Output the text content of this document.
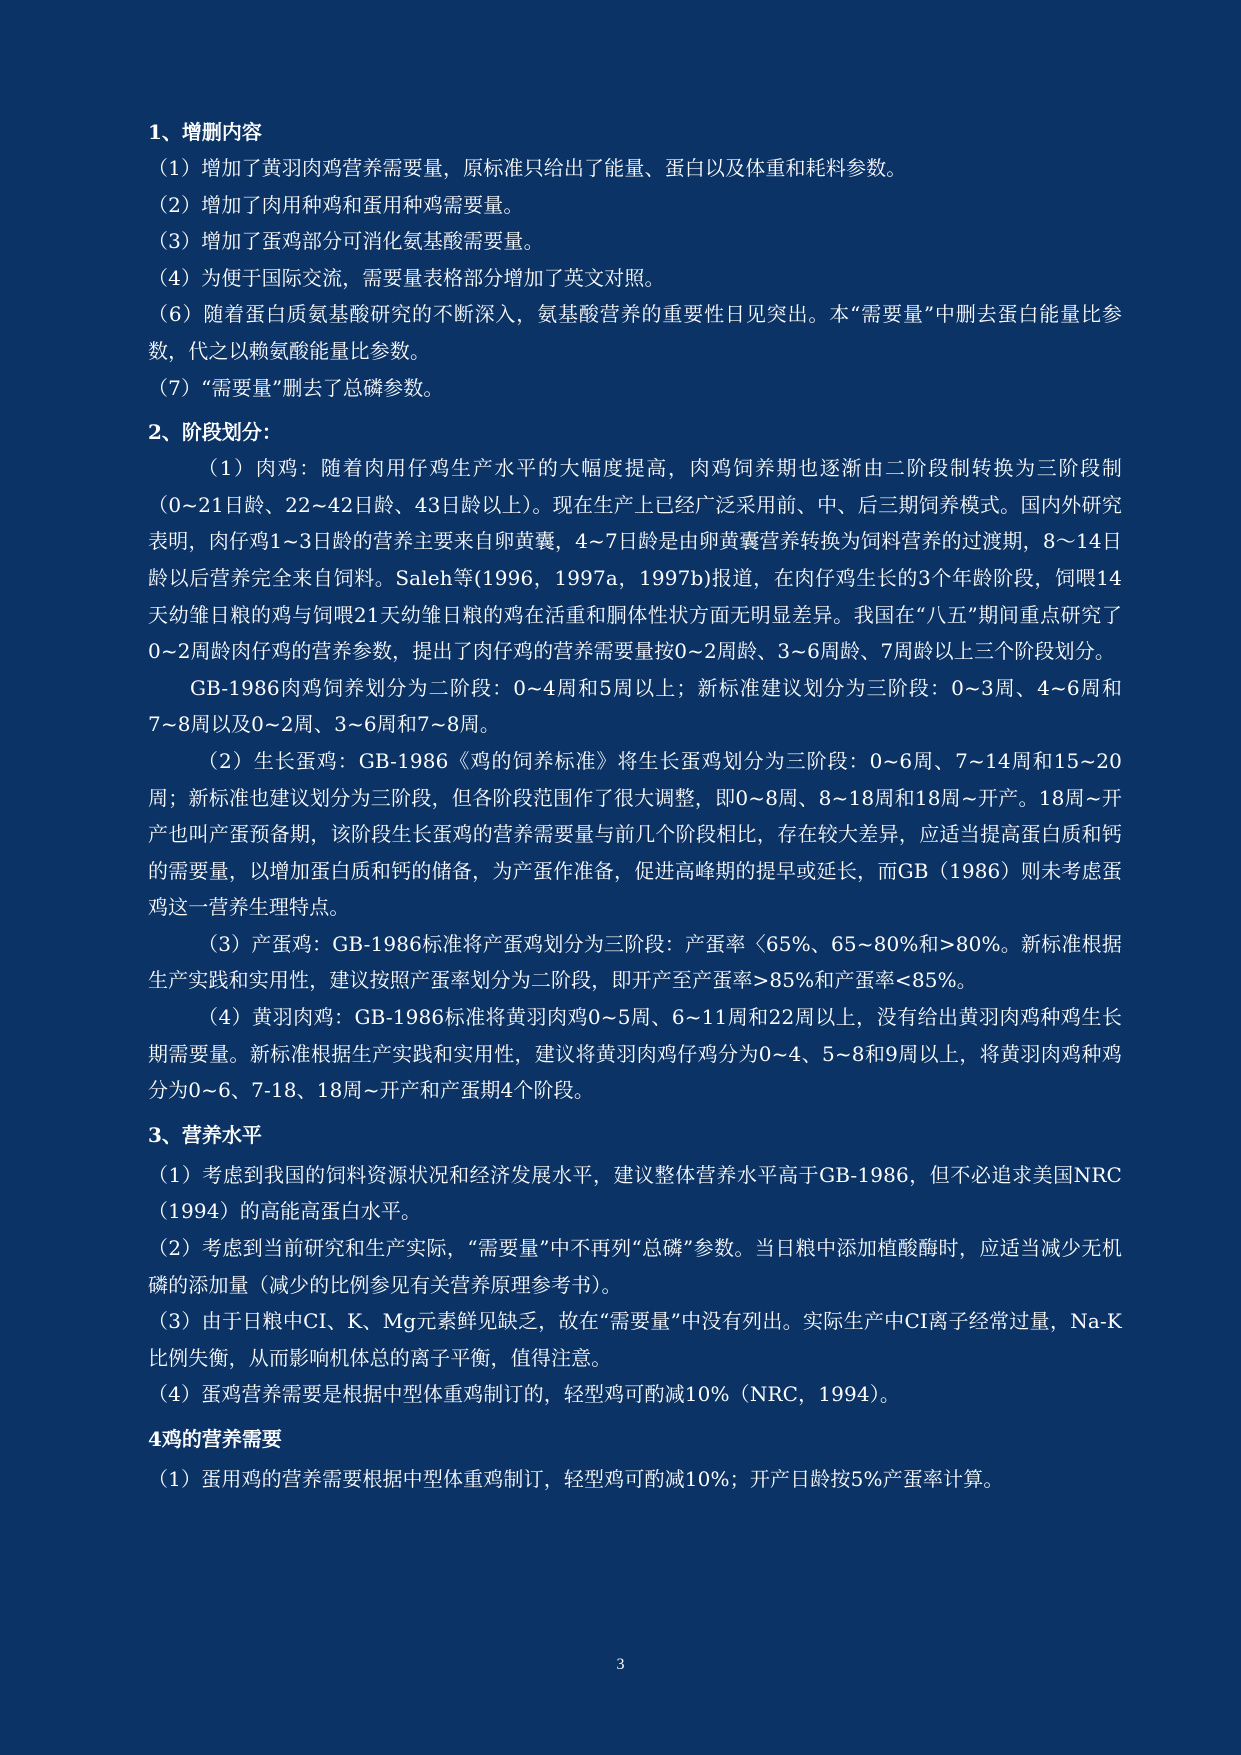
1、增删内容

（1）增加了黄羽肉鸡营养需要量，原标准只给出了能量、蛋白以及体重和耗料参数。

（2）增加了肉用种鸡和蛋用种鸡需要量。

（3）增加了蛋鸡部分可消化氨基酸需要量。

（4）为便于国际交流，需要量表格部分增加了英文对照。

（6）随着蛋白质氨基酸研究的不断深入，氨基酸营养的重要性日见突出。本“需要量”中删去蛋白能量比参数，代之以赖氨酸能量比参数。

（7）“需要量”删去了总磷参数。

2、阶段划分：

（1）肉鸡：随着肉用仔鸡生产水平的大幅度提高，肉鸡饲养期也逐渐由二阶段制转换为三阶段制（0~21日龄、22~42日龄、43日龄以上）。现在生产上已经广泛采用前、中、后三期饲养模式。国内外研究表明，肉仔鸡1~3日龄的营养主要来自卵黄囊，4~7日龄是由卵黄囊营养转换为饲料营养的过渡期，8～14日龄以后营养完全来自饲料。Saleh等(1996，1997a，1997b)报道，在肉仔鸡生长的3个年龄阶段，饲喂14天幼雏日粮的鸡与饲喂21天幼雏日粮的鸡在活重和胴体性状方面无明显差异。我国在“八五”期间重点研究了0~2周龄肉仔鸡的营养参数，提出了肉仔鸡的营养需要量按0~2周龄、3~6周龄、7周龄以上三个阶段划分。

GB-1986肉鸡饲养划分为二阶段：0~4周和5周以上；新标准建议划分为三阶段：0~3周、4~6周和7~8周以及0~2周、3~6周和7~8周。

（2）生长蛋鸡：GB-1986《鸡的饲养标准》将生长蛋鸡划分为三阶段：0~6周、7~14周和15~20周；新标准也建议划分为三阶段，但各阶段范围作了很大调整，即0~8周、8~18周和18周~开产。18周~开产也叫产蛋预备期，该阶段生长蛋鸡的营养需要量与前几个阶段相比，存在较大差异，应适当提高蛋白质和钙的需要量，以增加蛋白质和钙的储备，为产蛋作准备，促进高峰期的提早或延长，而GB（1986）则未考虑蛋鸡这一营养生理特点。

（3）产蛋鸡：GB-1986标准将产蛋鸡划分为三阶段：产蛋率〈65%、65~80%和>80%。新标准根据生产实践和实用性，建议按照产蛋率划分为二阶段，即开产至产蛋率>85%和产蛋率<85%。

（4）黄羽肉鸡：GB-1986标准将黄羽肉鸡0~5周、6~11周和22周以上，没有给出黄羽肉鸡种鸡生长期需要量。新标准根据生产实践和实用性，建议将黄羽肉鸡仔鸡分为0~4、5~8和9周以上，将黄羽肉鸡种鸡分为0~6、7-18、18周~开产和产蛋期4个阶段。

3、营养水平

（1）考虑到我国的饲料资源状况和经济发展水平，建议整体营养水平高于GB-1986，但不必追求美国NRC（1994）的高能高蛋白水平。

（2）考虑到当前研究和生产实际，“需要量”中不再列“总磷”参数。当日粮中添加植酸酶时，应适当减少无机磷的添加量（减少的比例参见有关营养原理参考书）。

（3）由于日粮中CI、K、Mg元素鲜见缺乏，故在“需要量”中没有列出。实际生产中CI离子经常过量，Na-K比例失衡，从而影响机体总的离子平衡，值得注意。

（4）蛋鸡营养需要是根据中型体重鸡制订的，轻型鸡可酌减10%（NRC，1994）。

4鸡的营养需要

（1）蛋用鸡的营养需要根据中型体重鸡制订，轻型鸡可酌减10%；开产日龄按5%产蛋率计算。

3
